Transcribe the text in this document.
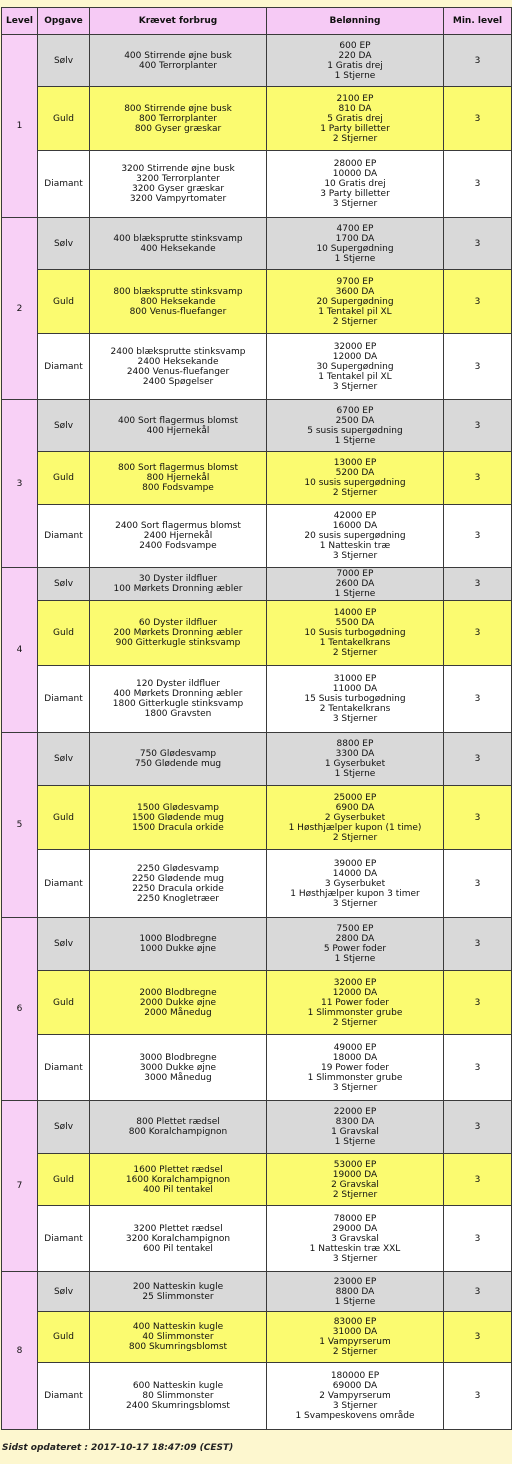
Level	Opgave	Krævet forbrug	Belønning	Min. level
1	Sølv	400 Stirrende øjne busk
400 Terrorplanter	600 EP
220 DA
1 Gratis drej
1 Stjerne	3
	Guld	800 Stirrende øjne busk
800 Terrorplanter
800 Gyser græskar	2100 EP
810 DA
5 Gratis drej
1 Party billetter
2 Stjerner	3
	Diamant	3200 Stirrende øjne busk
3200 Terrorplanter
3200 Gyser græskar
3200 Vampyrtomater	28000 EP
10000 DA
10 Gratis drej
3 Party billetter
3 Stjerner	3
2	Sølv	400 blæksprutte stinksvamp
400 Heksekande	4700 EP
1700 DA
10 Supergødning
1 Stjerne	3
	Guld	800 blæksprutte stinksvamp
800 Heksekande
800 Venus-fluefanger	9700 EP
3600 DA
20 Supergødning
1 Tentakel pil XL
2 Stjerner	3
	Diamant	2400 blæksprutte stinksvamp
2400 Heksekande
2400 Venus-fluefanger
2400 Spøgelser	32000 EP
12000 DA
30 Supergødning
1 Tentakel pil XL
3 Stjerner	3
3	Sølv	400 Sort flagermus blomst
400 Hjernekål	6700 EP
2500 DA
5 susis supergødning
1 Stjerne	3
	Guld	800 Sort flagermus blomst
800 Hjernekål
800 Fodsvampe	13000 EP
5200 DA
10 susis supergødning
2 Stjerner	3
	Diamant	2400 Sort flagermus blomst
2400 Hjernekål
2400 Fodsvampe	42000 EP
16000 DA
20 susis supergødning
1 Natteskin træ
3 Stjerner	3
4	Sølv	30 Dyster ildfluer
100 Mørkets Dronning æbler	7000 EP
2600 DA
1 Stjerne	3
	Guld	60 Dyster ildfluer
200 Mørkets Dronning æbler
900 Gitterkugle stinksvamp	14000 EP
5500 DA
10 Susis turbogødning
1 Tentakelkrans
2 Stjerner	3
	Diamant	120 Dyster ildfluer
400 Mørkets Dronning æbler
1800 Gitterkugle stinksvamp
1800 Gravsten	31000 EP
11000 DA
15 Susis turbogødning
2 Tentakelkrans
3 Stjerner	3
5	Sølv	750 Glødesvamp
750 Glødende mug	8800 EP
3300 DA
1 Gyserbuket
1 Stjerne	3
	Guld	1500 Glødesvamp
1500 Glødende mug
1500 Dracula orkide	25000 EP
6900 DA
2 Gyserbuket
1 Høsthjælper kupon (1 time)
2 Stjerner	3
	Diamant	2250 Glødesvamp
2250 Glødende mug
2250 Dracula orkide
2250 Knogletræer	39000 EP
14000 DA
3 Gyserbuket
1 Høsthjælper kupon 3 timer
3 Stjerner	3
6	Sølv	1000 Blodbregne
1000 Dukke øjne	7500 EP
2800 DA
5 Power foder
1 Stjerne	3
	Guld	2000 Blodbregne
2000 Dukke øjne
2000 Månedug	32000 EP
12000 DA
11 Power foder
1 Slimmonster grube
2 Stjerner	3
	Diamant	3000 Blodbregne
3000 Dukke øjne
3000 Månedug	49000 EP
18000 DA
19 Power foder
1 Slimmonster grube
3 Stjerner	3
7	Sølv	800 Plettet rædsel
800 Koralchampignon	22000 EP
8300 DA
1 Gravskal
1 Stjerne	3
	Guld	1600 Plettet rædsel
1600 Koralchampignon
400 Pil tentakel	53000 EP
19000 DA
2 Gravskal
2 Stjerner	3
	Diamant	3200 Plettet rædsel
3200 Koralchampignon
600 Pil tentakel	78000 EP
29000 DA
3 Gravskal
1 Natteskin træ XXL
3 Stjerner	3
8	Sølv	200 Natteskin kugle
25 Slimmonster	23000 EP
8800 DA
1 Stjerne	3
	Guld	400 Natteskin kugle
40 Slimmonster
800 Skumringsblomst	83000 EP
31000 DA
1 Vampyrserum
2 Stjerner	3
	Diamant	600 Natteskin kugle
80 Slimmonster
2400 Skumringsblomst	180000 EP
69000 DA
2 Vampyrserum
3 Stjerner
1 Svampeskovens område	3
Sidst opdateret : 2017-10-17 18:47:09 (CEST)
